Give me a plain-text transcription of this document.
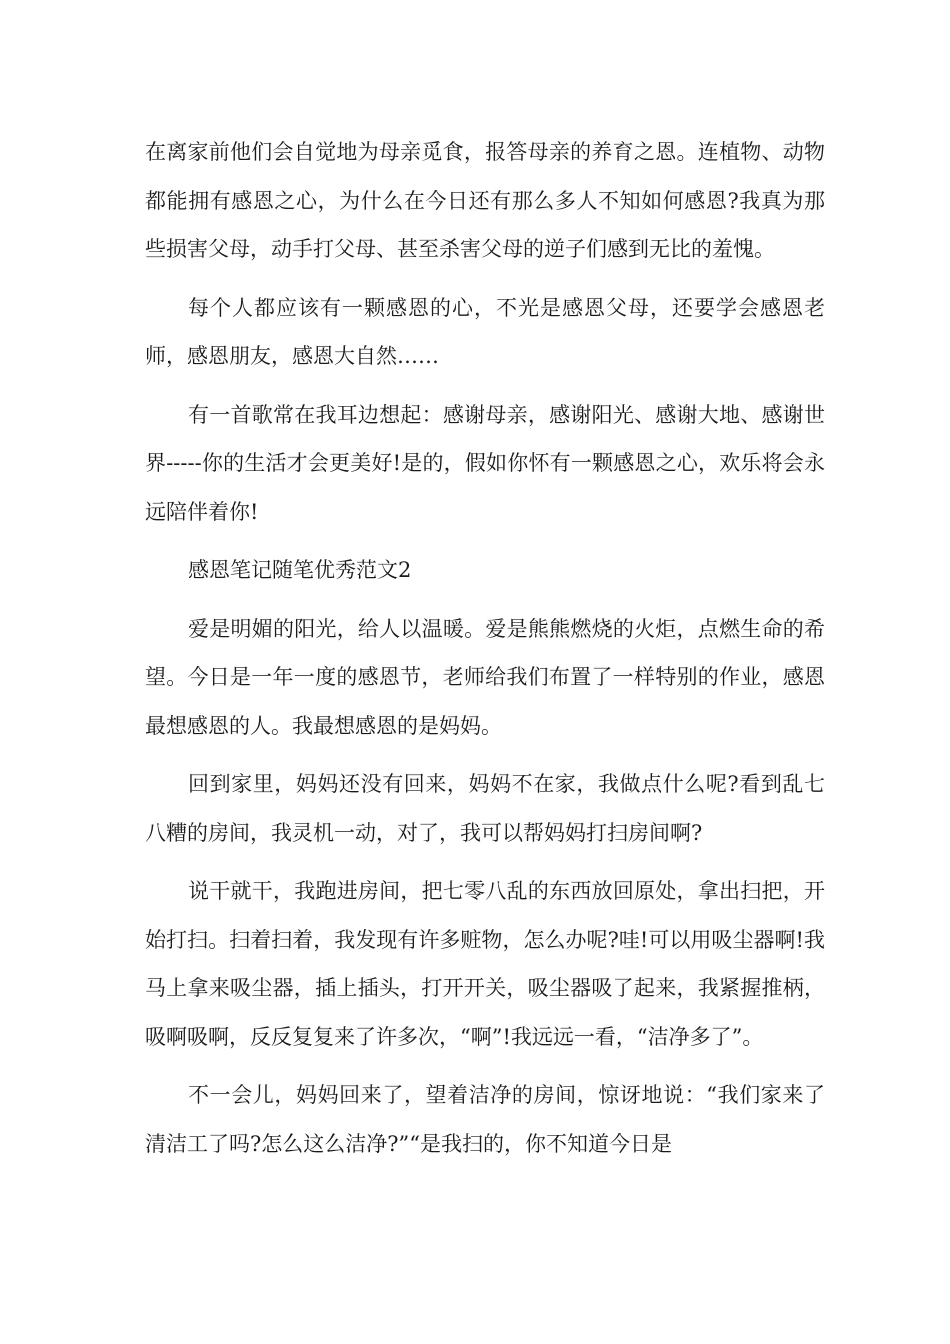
在离家前他们会自觉地为母亲觅食，报答母亲的养育之恩。连植物、动物都能拥有感恩之心，为什么在今日还有那么多人不知如何感恩?我真为那些损害父母，动手打父母、甚至杀害父母的逆子们感到无比的羞愧。

每个人都应该有一颗感恩的心，不光是感恩父母，还要学会感恩老师，感恩朋友，感恩大自然……

有一首歌常在我耳边想起：感谢母亲，感谢阳光、感谢大地、感谢世界-----你的生活才会更美好!是的，假如你怀有一颗感恩之心，欢乐将会永远陪伴着你!

感恩笔记随笔优秀范文2

爱是明媚的阳光，给人以温暖。爱是熊熊燃烧的火炬，点燃生命的希望。今日是一年一度的感恩节，老师给我们布置了一样特别的作业，感恩最想感恩的人。我最想感恩的是妈妈。

回到家里，妈妈还没有回来，妈妈不在家，我做点什么呢?看到乱七八糟的房间，我灵机一动，对了，我可以帮妈妈打扫房间啊?

说干就干，我跑进房间，把七零八乱的东西放回原处，拿出扫把，开始打扫。扫着扫着，我发现有许多赃物，怎么办呢?哇!可以用吸尘器啊!我马上拿来吸尘器，插上插头，打开开关，吸尘器吸了起来，我紧握推柄，吸啊吸啊，反反复复来了许多次，“啊”!我远远一看，“洁净多了”。

不一会儿，妈妈回来了，望着洁净的房间，惊讶地说：“我们家来了清洁工了吗?怎么这么洁净?”“是我扫的，你不知道今日是
